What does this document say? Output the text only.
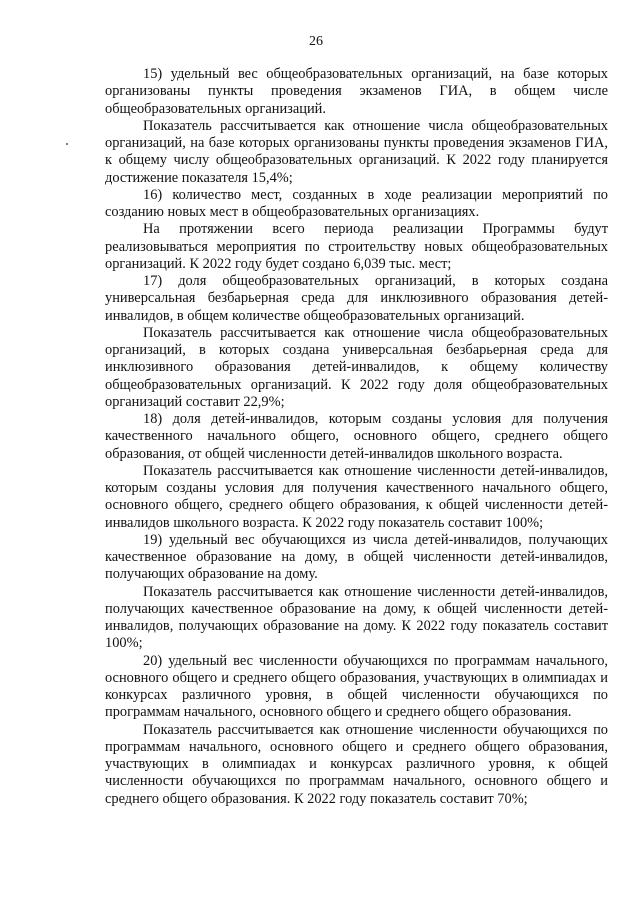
26

15) удельный вес общеобразовательных организаций, на базе которых организованы пункты проведения экзаменов ГИА, в общем числе общеобразовательных организаций.

Показатель рассчитывается как отношение числа общеобразовательных организаций, на базе которых организованы пункты проведения экзаменов ГИА, к общему числу общеобразовательных организаций. К 2022 году планируется достижение показателя 15,4%;

16) количество мест, созданных в ходе реализации мероприятий по созданию новых мест в общеобразовательных организациях.

На протяжении всего периода реализации Программы будут реализовываться мероприятия по строительству новых общеобразовательных организаций. К 2022 году будет создано 6,039 тыс. мест;

17) доля общеобразовательных организаций, в которых создана универсальная безбарьерная среда для инклюзивного образования детей-инвалидов, в общем количестве общеобразовательных организаций.

Показатель рассчитывается как отношение числа общеобразовательных организаций, в которых создана универсальная безбарьерная среда для инклюзивного образования детей-инвалидов, к общему количеству общеобразовательных организаций. К 2022 году доля общеобразовательных организаций составит 22,9%;

18) доля детей-инвалидов, которым созданы условия для получения качественного начального общего, основного общего, среднего общего образования, от общей численности детей-инвалидов школьного возраста.

Показатель рассчитывается как отношение численности детей-инвалидов, которым созданы условия для получения качественного начального общего, основного общего, среднего общего образования, к общей численности детей-инвалидов школьного возраста. К 2022 году показатель составит 100%;

19) удельный вес обучающихся из числа детей-инвалидов, получающих качественное образование на дому, в общей численности детей-инвалидов, получающих образование на дому.

Показатель рассчитывается как отношение численности детей-инвалидов, получающих качественное образование на дому, к общей численности детей-инвалидов, получающих образование на дому. К 2022 году показатель составит 100%;

20) удельный вес численности обучающихся по программам начального, основного общего и среднего общего образования, участвующих в олимпиадах и конкурсах различного уровня, в общей численности обучающихся по программам начального, основного общего и среднего общего образования.

Показатель рассчитывается как отношение численности обучающихся по программам начального, основного общего и среднего общего образования, участвующих в олимпиадах и конкурсах различного уровня, к общей численности обучающихся по программам начального, основного общего и среднего общего образования. К 2022 году показатель составит 70%;
